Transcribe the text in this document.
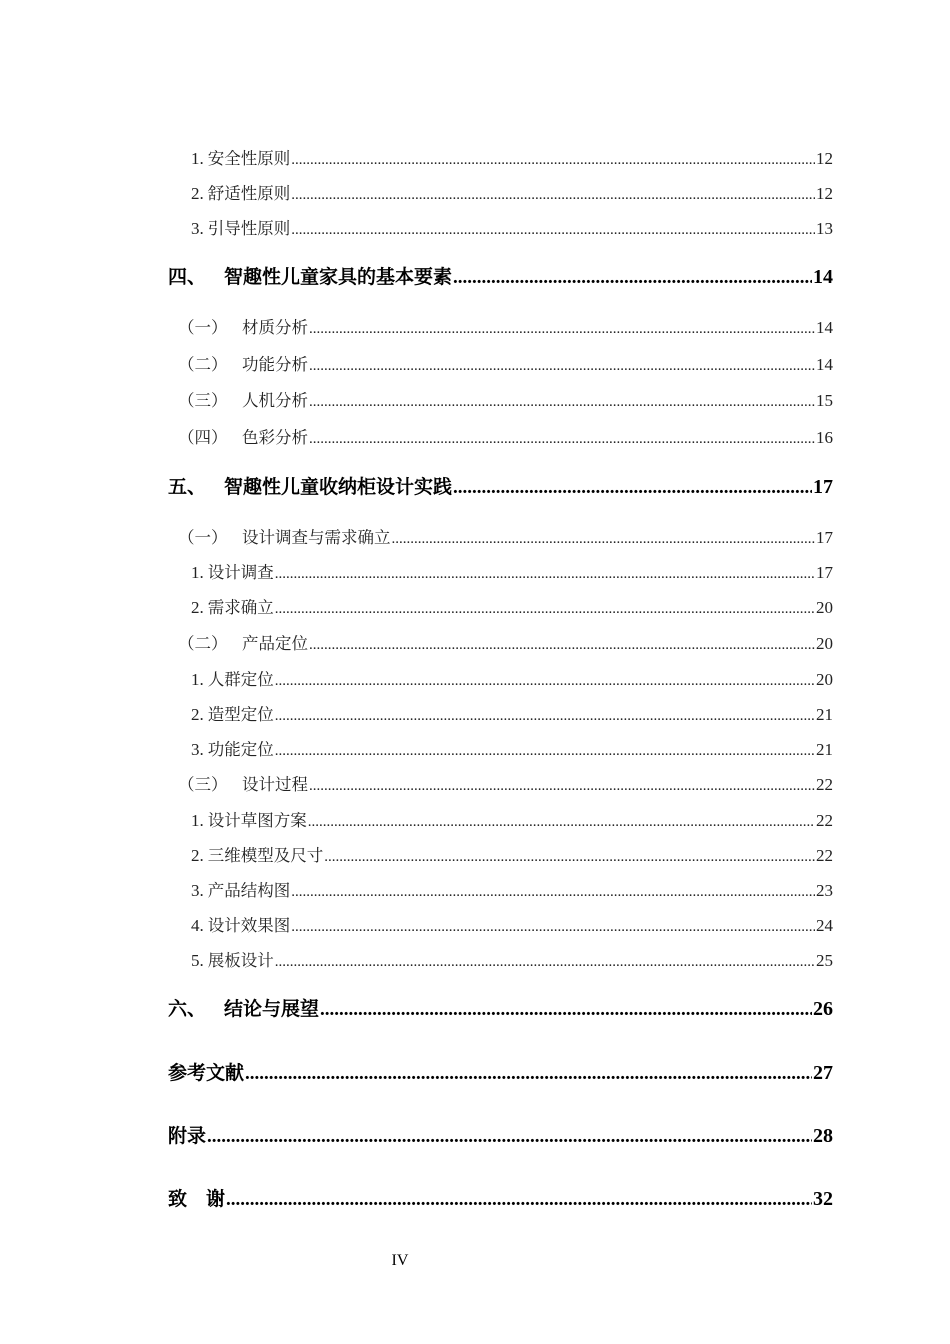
1. 安全性原则 .....	12
2. 舒适性原则 .....	12
3. 引导性原则 .....	13
四、 智趣性儿童家具的基本要素 .....	14
（一） 材质分析 .....	14
（二） 功能分析 .....	14
（三） 人机分析 .....	15
（四） 色彩分析 .....	16
五、 智趣性儿童收纳柜设计实践 .....	17
（一） 设计调查与需求确立 .....	17
1. 设计调查 .....	17
2. 需求确立 .....	20
（二） 产品定位 .....	20
1. 人群定位 .....	20
2. 造型定位 .....	21
3. 功能定位 .....	21
（三） 设计过程 .....	22
1. 设计草图方案 .....	22
2. 三维模型及尺寸 .....	22
3. 产品结构图 .....	23
4. 设计效果图 .....	24
5. 展板设计 .....	25
六、 结论与展望 .....	26
参考文献 .....	27
附录 .....	28
致　谢 .....	32
IV
